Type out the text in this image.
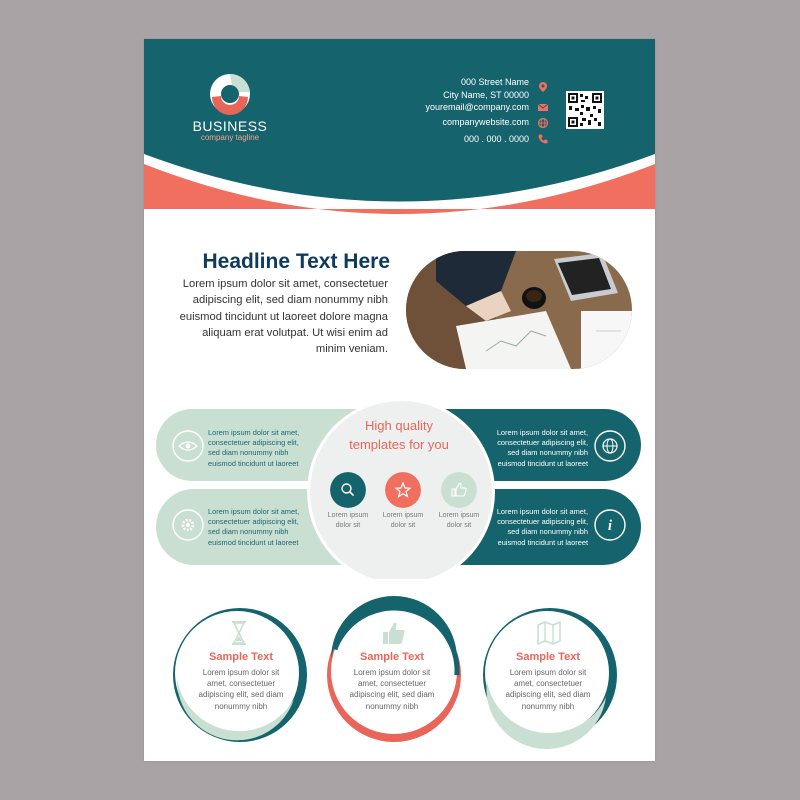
BUSINESS
company tagline
000 Street Name
City Name, ST 00000
youremail@company.com
companywebsite.com
000 . 000 . 0000
Headline Text Here
Lorem ipsum dolor sit amet, consectetuer adipiscing elit, sed diam nonummy nibh euismod tincidunt ut laoreet dolore magna aliquam erat volutpat. Ut wisi enim ad minim veniam.
i
Lorem ipsum dolor sit amet,
consectetuer adipiscing elit,
sed diam nonummy nibh
euismod tincidunt ut laoreet
Lorem ipsum dolor sit amet,
consectetuer adipiscing elit,
sed diam nonummy nibh
euismod tincidunt ut laoreet
Lorem ipsum dolor sit amet,
consectetuer adipiscing elit,
sed diam nonummy nibh
euismod tincidunt ut laoreet
Lorem ipsum dolor sit amet,
consectetuer adipiscing elit,
sed diam nonummy nibh
euismod tincidunt ut laoreet
High quality
templates for you
Lorem ipsum
dolor sit
Lorem ipsum
dolor sit
Lorem ipsum
dolor sit
Sample Text	Sample Text	Sample Text
Lorem ipsum dolor sit
amet, consectetuer
adipiscing elit, sed diam
nonummy nibh
Lorem ipsum dolor sit
amet, consectetuer
adipiscing elit, sed diam
nonummy nibh
Lorem ipsum dolor sit
amet, consectetuer
adipiscing elit, sed diam
nonummy nibh
